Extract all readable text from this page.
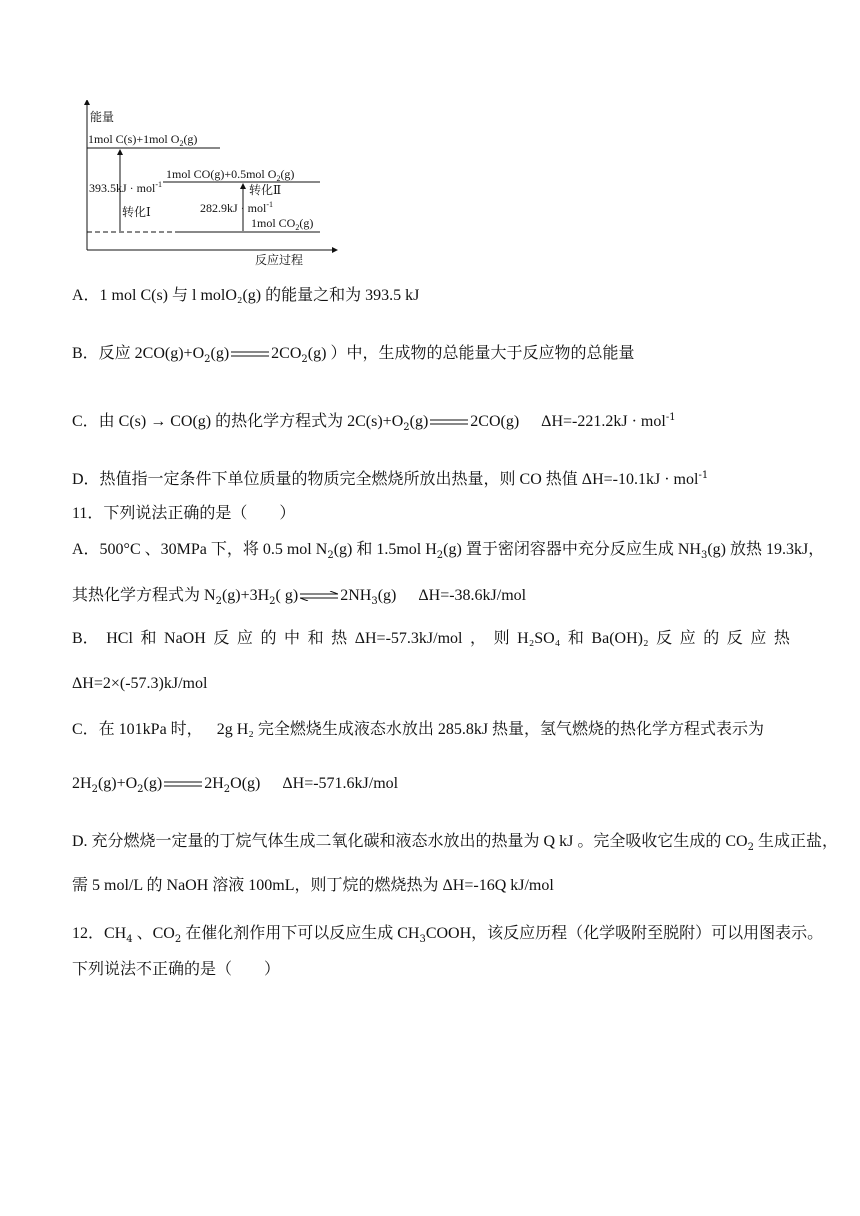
能量
反应过程
1mol C(s)+1mol $O_2(g)$
1mol CO(g)+0.5mol $O_2(g)$
1mol $CO_2(g)$
393.5kJ · mol$^{-1}$
转化Ⅰ
转化Ⅱ
282.9kJ · mol$^{-1}$
A．1 mol C(s) 与 l molO₂(g) 的能量之和为 393.5 kJ
B．反应 $2CO(g)+O_2(g)$	$2CO_2(g)$ ）中，生成物的总能量大于反应物的总能量
C．由 C(s) → CO(g) 的热化学方程式为 $2C(s)+O_2(g)$	2CO(g) ΔH=-221.2kJ · mol$^{-1}$
D．热值指一定条件下单位质量的物质完全燃烧所放出热量，则 CO 热值 ΔH=-10.1kJ · mol$^{-1}$
11．下列说法正确的是（　　）
A．500°C 、30MPa 下，将 0.5 mol $N_2(g)$ 和 1.5mol $H_2(g)$ 置于密闭容器中充分反应生成 $NH_3(g)$ 放热 19.3kJ，
其热化学方程式为 $N_2(g)+3H_2$( g) ⇌ $2NH_3(g)$ ΔH=-38.6kJ/mol
B． HCl 和 NaOH 反 应 的 中 和 热 ΔH=-57.3kJ/mol ， 则 H₂SO₄ 和 Ba(OH)₂ 反 应 的 反 应 热
ΔH=2×(-57.3)kJ/mol
C．在 101kPa 时， 2g H₂ 完全燃烧生成液态水放出 285.8kJ 热量，氢气燃烧的热化学方程式表示为
$2H_2(g)+O_2(g)$	$2H_2O(g)$ ΔH=-571.6kJ/mol
D. 充分燃烧一定量的丁烷气体生成二氧化碳和液态水放出的热量为 Q kJ 。完全吸收它生成的 $CO_2$ 生成正盐，
需 5 mol/L 的 NaOH 溶液 100mL，则丁烷的燃烧热为 ΔH=-16Q kJ/mol
12．$CH_4$ 、$CO_2$ 在催化剂作用下可以反应生成 $CH_3COOH$，该反应历程（化学吸附至脱附）可以用图表示。
下列说法不正确的是（　　）
